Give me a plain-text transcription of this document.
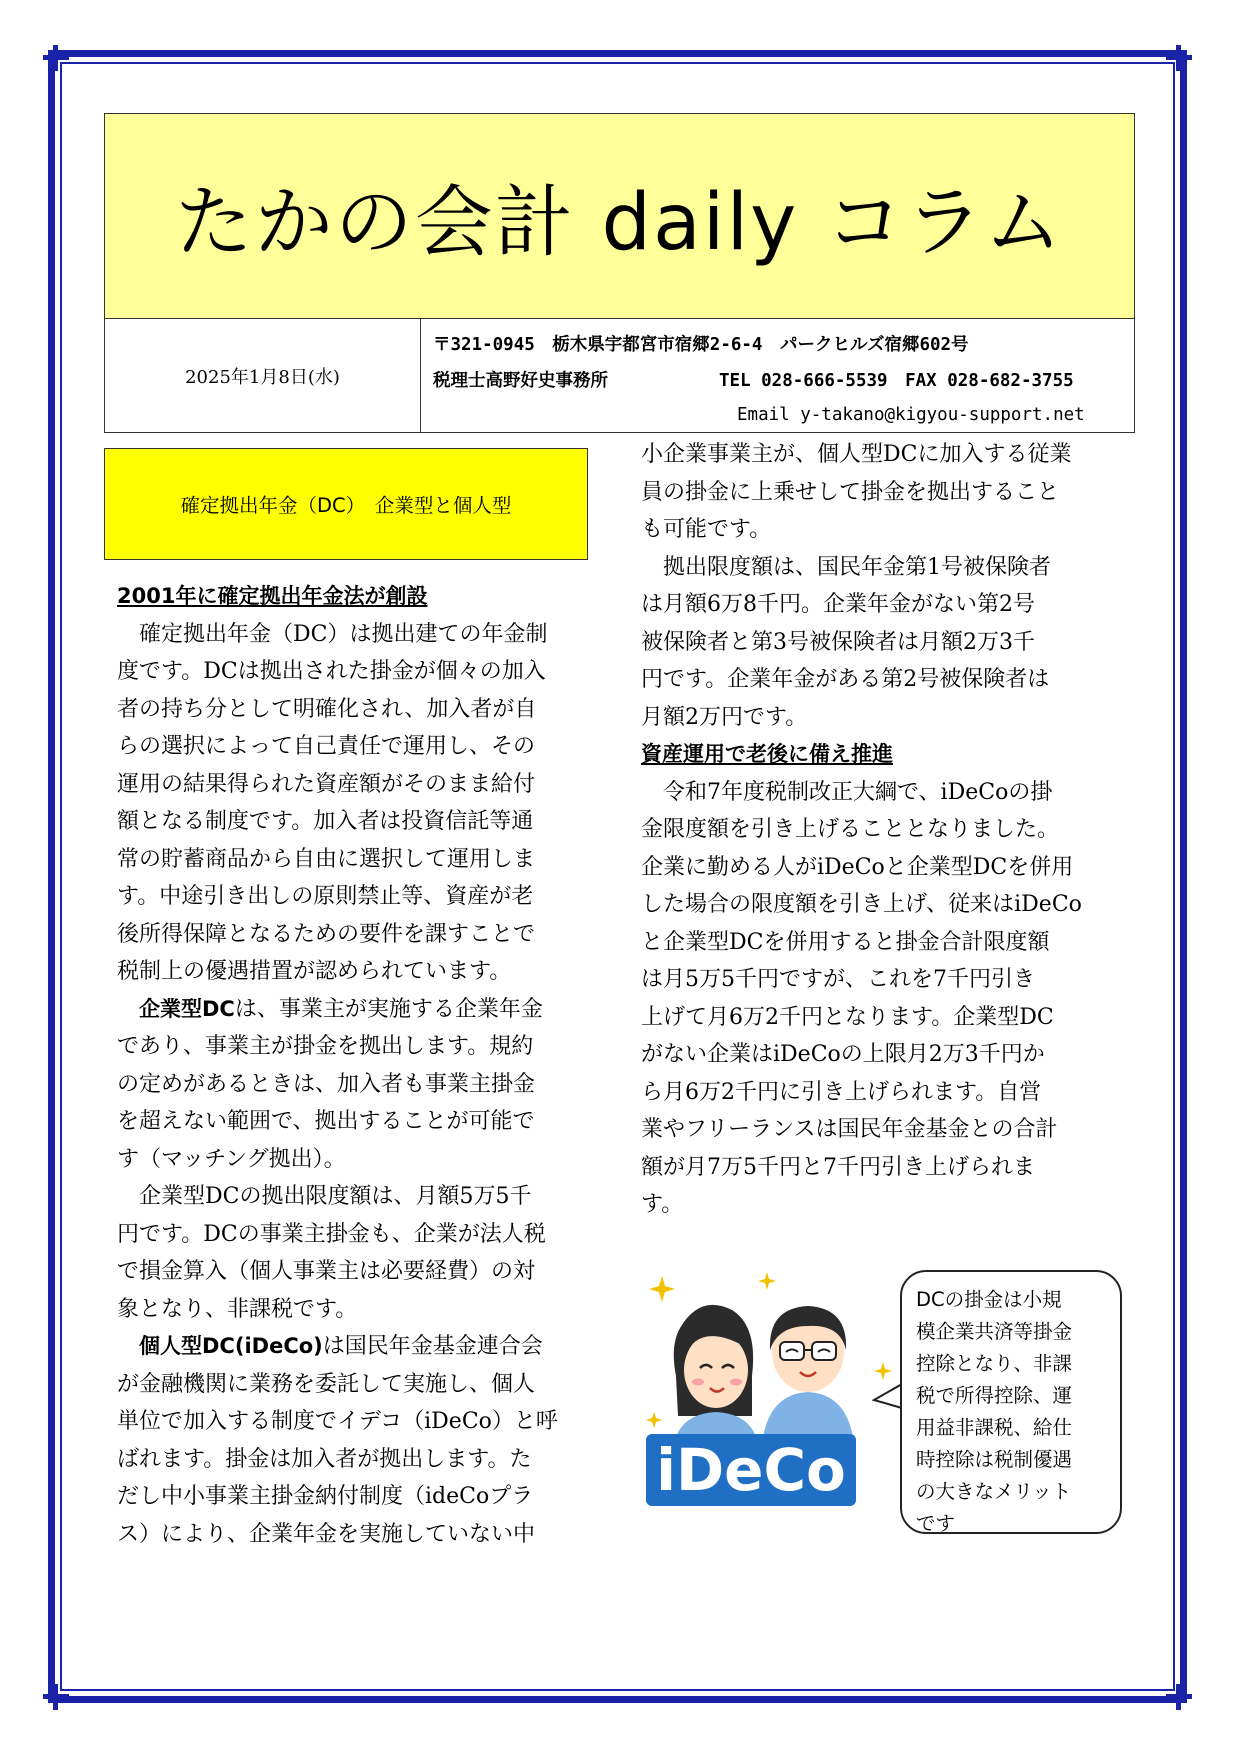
たかの会計 daily コラム
2025年1月8日(水)
〒321-0945　栃木県宇都宮市宿郷2-6-4　パークヒルズ宿郷602号
税理士高野好史事務所	TEL 028-666-5539　FAX 028-682-3755
Email y-takano@kigyou-support.net
確定拠出年金（DC）　企業型と個人型
2001年に確定拠出年金法が創設
確定拠出年金（DC）は拠出建ての年金制
度です。DCは拠出された掛金が個々の加入
者の持ち分として明確化され、加入者が自
らの選択によって自己責任で運用し、その
運用の結果得られた資産額がそのまま給付
額となる制度です。加入者は投資信託等通
常の貯蓄商品から自由に選択して運用しま
す。中途引き出しの原則禁止等、資産が老
後所得保障となるための要件を課すことで
税制上の優遇措置が認められています。
企業型DCは、事業主が実施する企業年金
であり、事業主が掛金を拠出します。規約
の定めがあるときは、加入者も事業主掛金
を超えない範囲で、拠出することが可能で
す（マッチング拠出）。
企業型DCの拠出限度額は、月額5万5千
円です。DCの事業主掛金も、企業が法人税
で損金算入（個人事業主は必要経費）の対
象となり、非課税です。
個人型DC(iDeCo)は国民年金基金連合会
が金融機関に業務を委託して実施し、個人
単位で加入する制度でイデコ（iDeCo）と呼
ばれます。掛金は加入者が拠出します。た
だし中小事業主掛金納付制度（ideCoプラ
ス）により、企業年金を実施していない中
小企業事業主が、個人型DCに加入する従業
員の掛金に上乗せして掛金を拠出すること
も可能です。
拠出限度額は、国民年金第1号被保険者
は月額6万8千円。企業年金がない第2号
被保険者と第3号被保険者は月額2万3千
円です。企業年金がある第2号被保険者は
月額2万円です。
資産運用で老後に備え推進
令和7年度税制改正大綱で、iDeCoの掛
金限度額を引き上げることとなりました。
企業に勤める人がiDeCoと企業型DCを併用
した場合の限度額を引き上げ、従来はiDeCo
と企業型DCを併用すると掛金合計限度額
は月5万5千円ですが、これを7千円引き
上げて月6万2千円となります。企業型DC
がない企業はiDeCoの上限月2万3千円か
ら月6万2千円に引き上げられます。自営
業やフリーランスは国民年金基金との合計
額が月7万5千円と7千円引き上げられま
す。
iDeCo
DCの掛金は小規
模企業共済等掛金
控除となり、非課
税で所得控除、運
用益非課税、給仕
時控除は税制優遇
の大きなメリット
です
